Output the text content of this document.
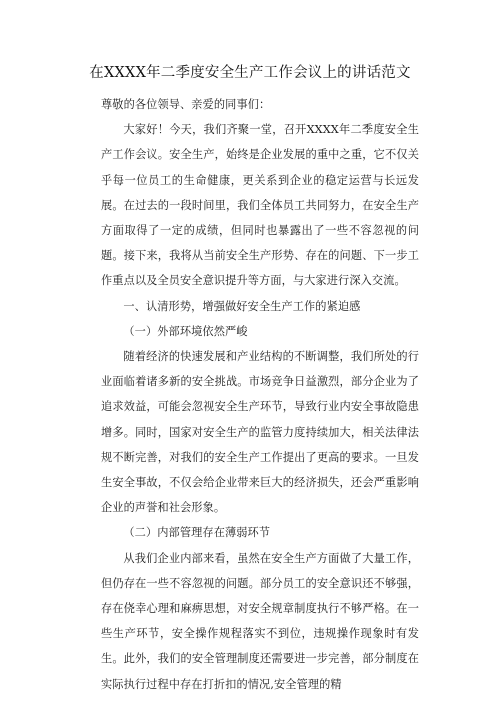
在XXXX年二季度安全生产工作会议上的讲话范文

尊敬的各位领导、亲爱的同事们：

大家好！今天，我们齐聚一堂，召开XXXX年二季度安全生产工作会议。安全生产，始终是企业发展的重中之重，它不仅关乎每一位员工的生命健康，更关系到企业的稳定运营与长远发展。在过去的一段时间里，我们全体员工共同努力，在安全生产方面取得了一定的成绩，但同时也暴露出了一些不容忽视的问题。接下来，我将从当前安全生产形势、存在的问题、下一步工作重点以及全员安全意识提升等方面，与大家进行深入交流。

一、认清形势，增强做好安全生产工作的紧迫感

（一）外部环境依然严峻

随着经济的快速发展和产业结构的不断调整，我们所处的行业面临着诸多新的安全挑战。市场竞争日益激烈，部分企业为了追求效益，可能会忽视安全生产环节，导致行业内安全事故隐患增多。同时，国家对安全生产的监管力度持续加大，相关法律法规不断完善，对我们的安全生产工作提出了更高的要求。一旦发生安全事故，不仅会给企业带来巨大的经济损失，还会严重影响企业的声誉和社会形象。

（二）内部管理存在薄弱环节

从我们企业内部来看，虽然在安全生产方面做了大量工作，但仍存在一些不容忽视的问题。部分员工的安全意识还不够强，存在侥幸心理和麻痹思想，对安全规章制度执行不够严格。在一些生产环节，安全操作规程落实不到位，违规操作现象时有发生。此外，我们的安全管理制度还需要进一步完善，部分制度在实际执行过程中存在打折扣的情况,安全管理的精
